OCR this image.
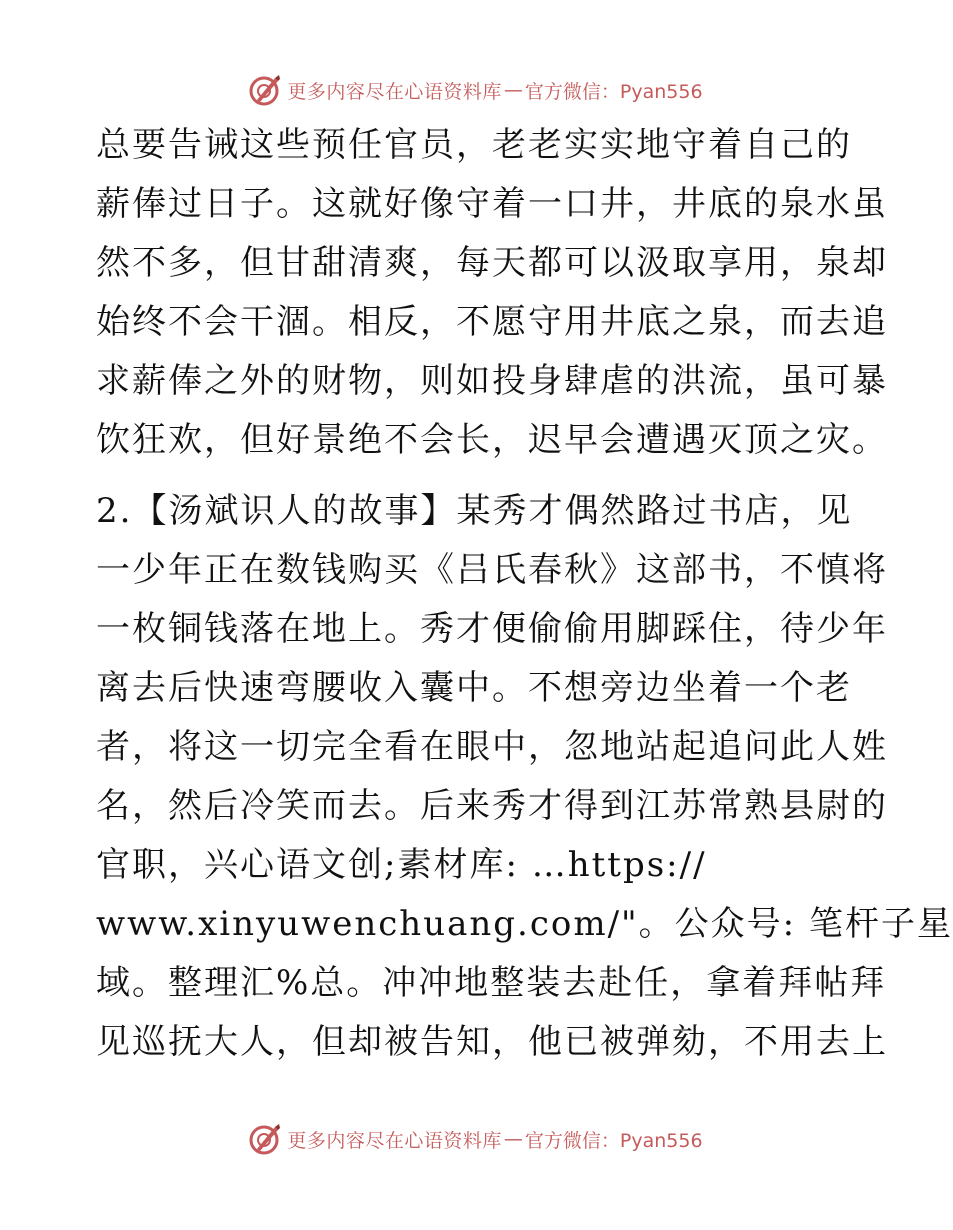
更多内容尽在心语资料库 — 官方微信：Pyan556
总要告诫这些预任官员，老老实实地守着自己的
薪俸过日子。这就好像守着一口井，井底的泉水虽
然不多，但甘甜清爽，每天都可以汲取享用，泉却
始终不会干涸。相反，不愿守用井底之泉，而去追
求薪俸之外的财物，则如投身肆虐的洪流，虽可暴
饮狂欢，但好景绝不会长，迟早会遭遇灭顶之灾。
2.【汤斌识人的故事】某秀才偶然路过书店，见
一少年正在数钱购买《吕氏春秋》这部书，不慎将
一枚铜钱落在地上。秀才便偷偷用脚踩住，待少年
离去后快速弯腰收入囊中。不想旁边坐着一个老
者，将这一切完全看在眼中，忽地站起追问此人姓
名，然后冷笑而去。后来秀才得到江苏常熟县尉的
官职，兴心语文创;素材库: …https://
www.xinyuwenchuang.com/"。公众号: 笔杆子星
域。整理汇%总。冲冲地整装去赴任，拿着拜帖拜
见巡抚大人，但却被告知，他已被弹劾，不用去上
更多内容尽在心语资料库 — 官方微信：Pyan556
